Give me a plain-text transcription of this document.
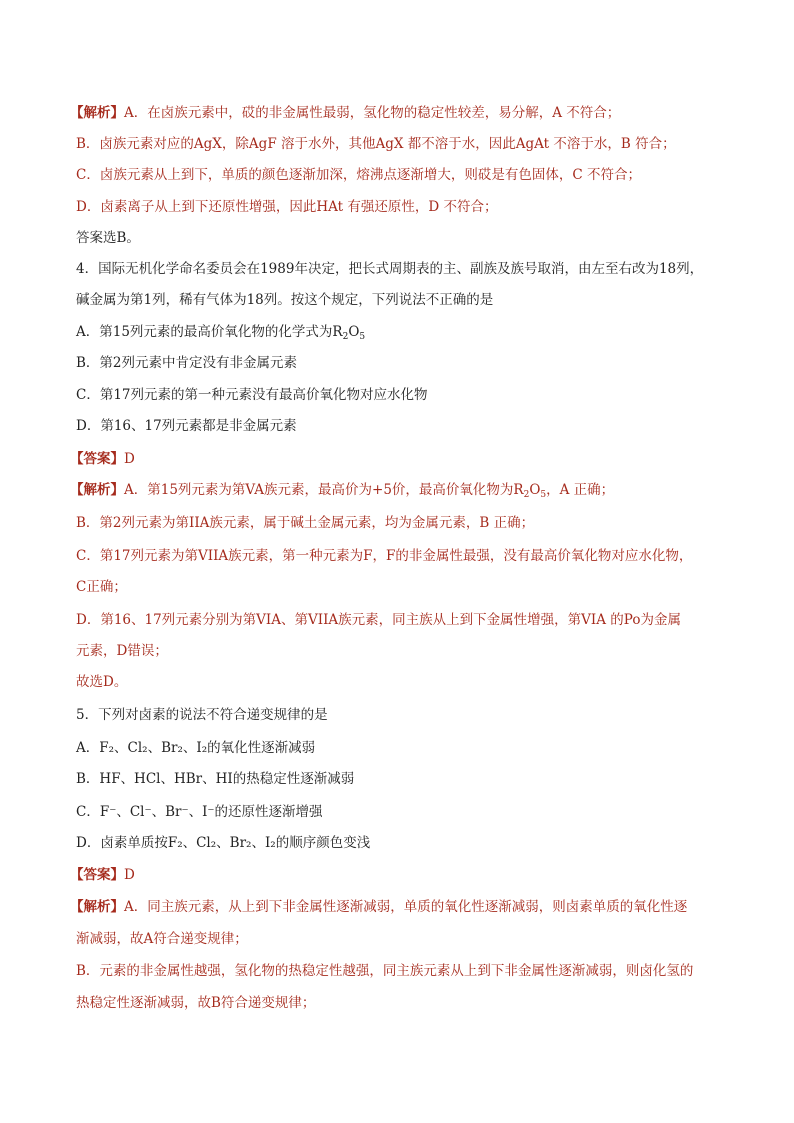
【解析】A．在卤族元素中，砹的非金属性最弱，氢化物的稳定性较差，易分解，A 不符合；
B．卤族元素对应的AgX，除AgF 溶于水外，其他AgX 都不溶于水，因此AgAt 不溶于水，B 符合；
C．卤族元素从上到下，单质的颜色逐渐加深，熔沸点逐渐增大，则砹是有色固体，C 不符合；
D．卤素离子从上到下还原性增强，因此HAt 有强还原性，D 不符合；
答案选B。
4．国际无机化学命名委员会在1989年决定，把长式周期表的主、副族及族号取消，由左至右改为18列，
碱金属为第1列，稀有气体为18列。按这个规定，下列说法不正确的是
A．第15列元素的最高价氧化物的化学式为$R_2O_5$
B．第2列元素中肯定没有非金属元素
C．第17列元素的第一种元素没有最高价氧化物对应水化物
D．第16、17列元素都是非金属元素
【答案】D
【解析】A．第15列元素为第VA族元素，最高价为+5价，最高价氧化物为$R_2O_5$，A 正确；
B．第2列元素为第IIA族元素，属于碱土金属元素，均为金属元素，B 正确；
C．第17列元素为第VIIA族元素，第一种元素为F，F的非金属性最强，没有最高价氧化物对应水化物，
C正确；
D．第16、17列元素分别为第VIA、第VIIA族元素，同主族从上到下金属性增强，第VIA 的Po为金属
元素，D错误；
故选D。
5．下列对卤素的说法不符合递变规律的是
A．F₂、Cl₂、Br₂、I₂的氧化性逐渐减弱
B．HF、HCl、HBr、HI的热稳定性逐渐减弱
C．F⁻、Cl⁻、Br⁻、I⁻的还原性逐渐增强
D．卤素单质按F₂、Cl₂、Br₂、I₂的顺序颜色变浅
【答案】D
【解析】A．同主族元素，从上到下非金属性逐渐减弱，单质的氧化性逐渐减弱，则卤素单质的氧化性逐
渐减弱，故A符合递变规律；
B．元素的非金属性越强，氢化物的热稳定性越强，同主族元素从上到下非金属性逐渐减弱，则卤化氢的
热稳定性逐渐减弱，故B符合递变规律；
